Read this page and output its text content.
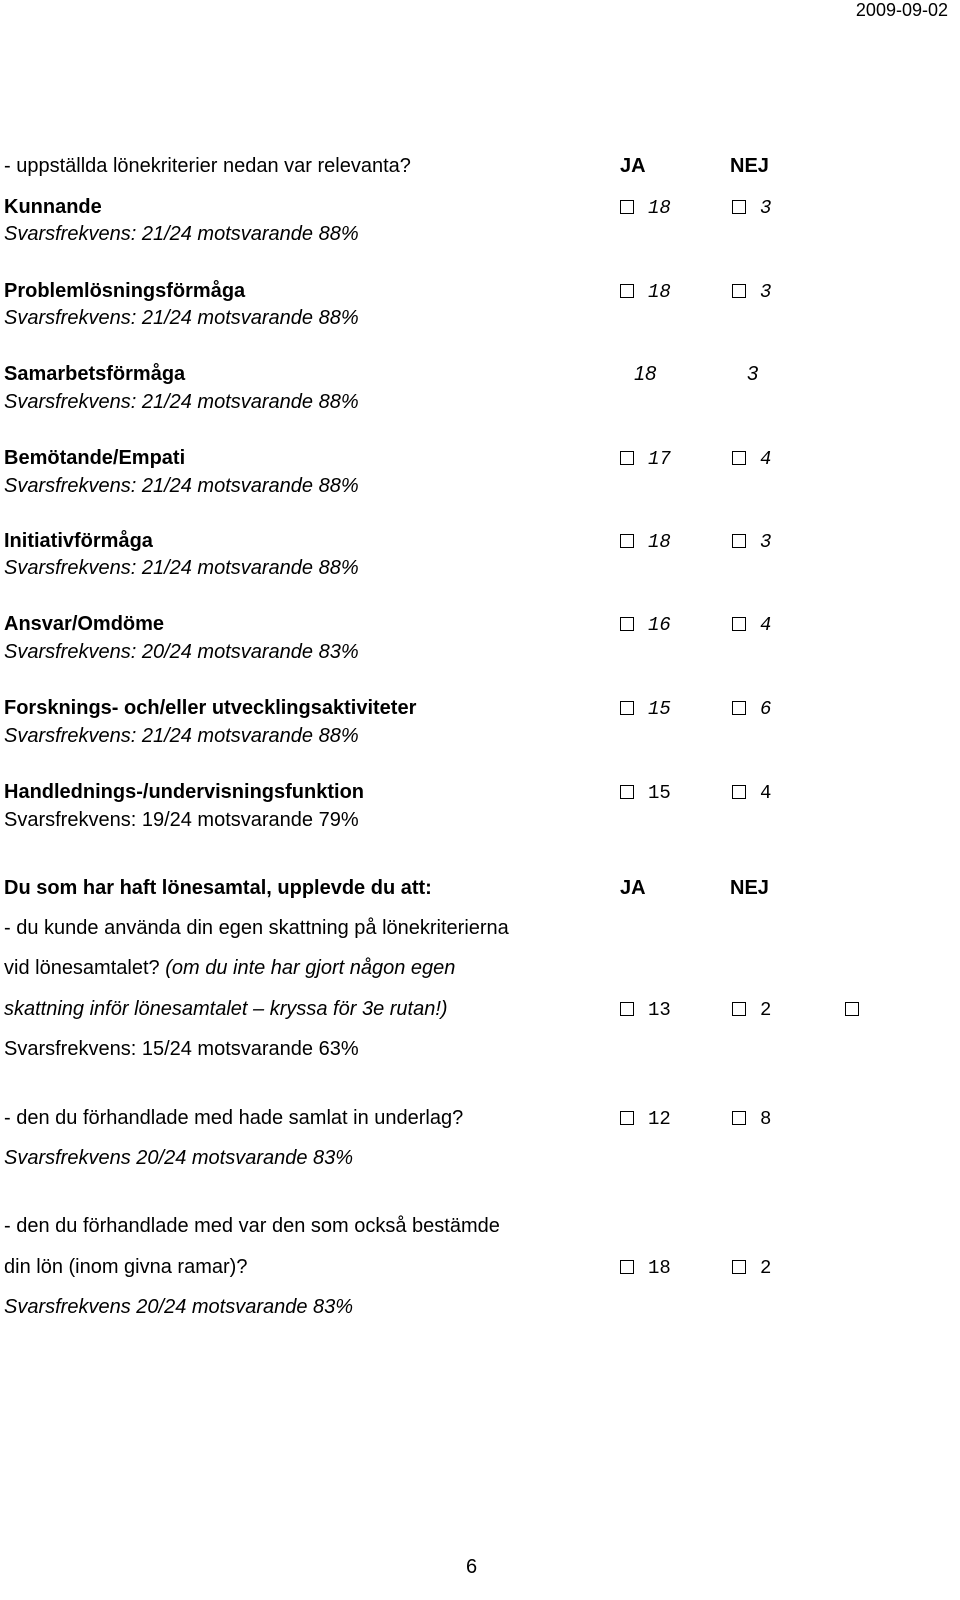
2009-09-02
- uppställda lönekriterier nedan var relevanta?	JA	NEJ
Kunnande	18	3
Svarsfrekvens: 21/24 motsvarande 88%
Problemlösningsförmåga	18	3
Svarsfrekvens: 21/24 motsvarande 88%
Samarbetsförmåga	18	3
Svarsfrekvens: 21/24 motsvarande 88%
Bemötande/Empati	17	4
Svarsfrekvens: 21/24 motsvarande 88%
Initiativförmåga	18	3
Svarsfrekvens: 21/24 motsvarande 88%
Ansvar/Omdöme	16	4
Svarsfrekvens: 20/24 motsvarande 83%
Forsknings- och/eller utvecklingsaktiviteter	15	6
Svarsfrekvens: 21/24 motsvarande 88%
Handlednings-/undervisningsfunktion	15	4
Svarsfrekvens: 19/24 motsvarande 79%
Du som har haft lönesamtal, upplevde du att:	JA	NEJ
- du kunde använda din egen skattning på lönekriterierna
vid lönesamtalet? (om du inte har gjort någon egen
skattning inför lönesamtalet – kryssa för 3e rutan!)	13	2
Svarsfrekvens: 15/24 motsvarande 63%
- den du förhandlade med hade samlat in underlag?	12	8
Svarsfrekvens 20/24 motsvarande 83%
- den du förhandlade med var den som också bestämde
din lön (inom givna ramar)?	18	2
Svarsfrekvens 20/24 motsvarande 83%
6
